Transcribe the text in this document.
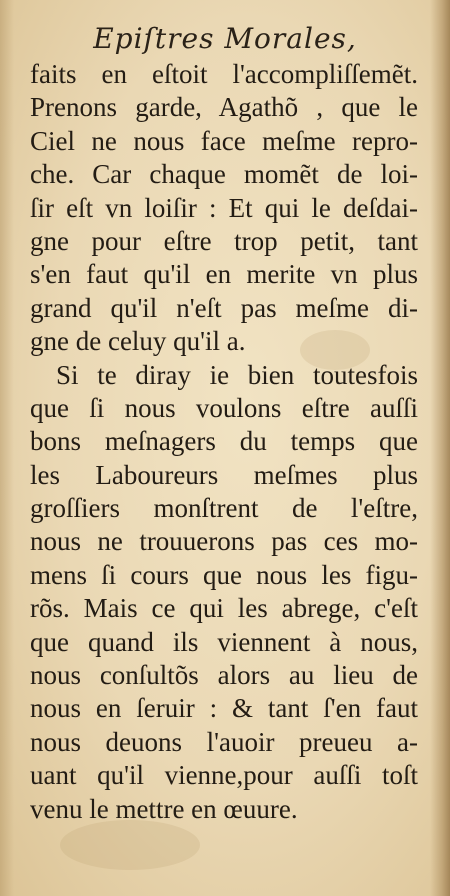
Epiſtres Morales,
faits en eſtoit l'accompliſſemẽt.
Prenons garde, Agathõ , que le
Ciel ne nous face meſme repro-
che. Car chaque momẽt de loi-
ſir eſt vn loiſir : Et qui le deſdai-
gne pour eſtre trop petit, tant
s'en faut qu'il en merite vn plus
grand qu'il n'eſt pas meſme di-
gne de celuy qu'il a.
Si te diray ie bien toutesfois
que ſi nous voulons eſtre auſſi
bons meſnagers du temps que
les Laboureurs meſmes plus
groſſiers monſtrent de l'eſtre,
nous ne trouuerons pas ces mo-
mens ſi cours que nous les figu-
rõs. Mais ce qui les abrege, c'eſt
que quand ils viennent à nous,
nous conſultõs alors au lieu de
nous en ſeruir : & tant ſ'en faut
nous deuons l'auoir preueu a-
uant qu'il vienne,pour auſſi toſt
venu le mettre en œuure.
